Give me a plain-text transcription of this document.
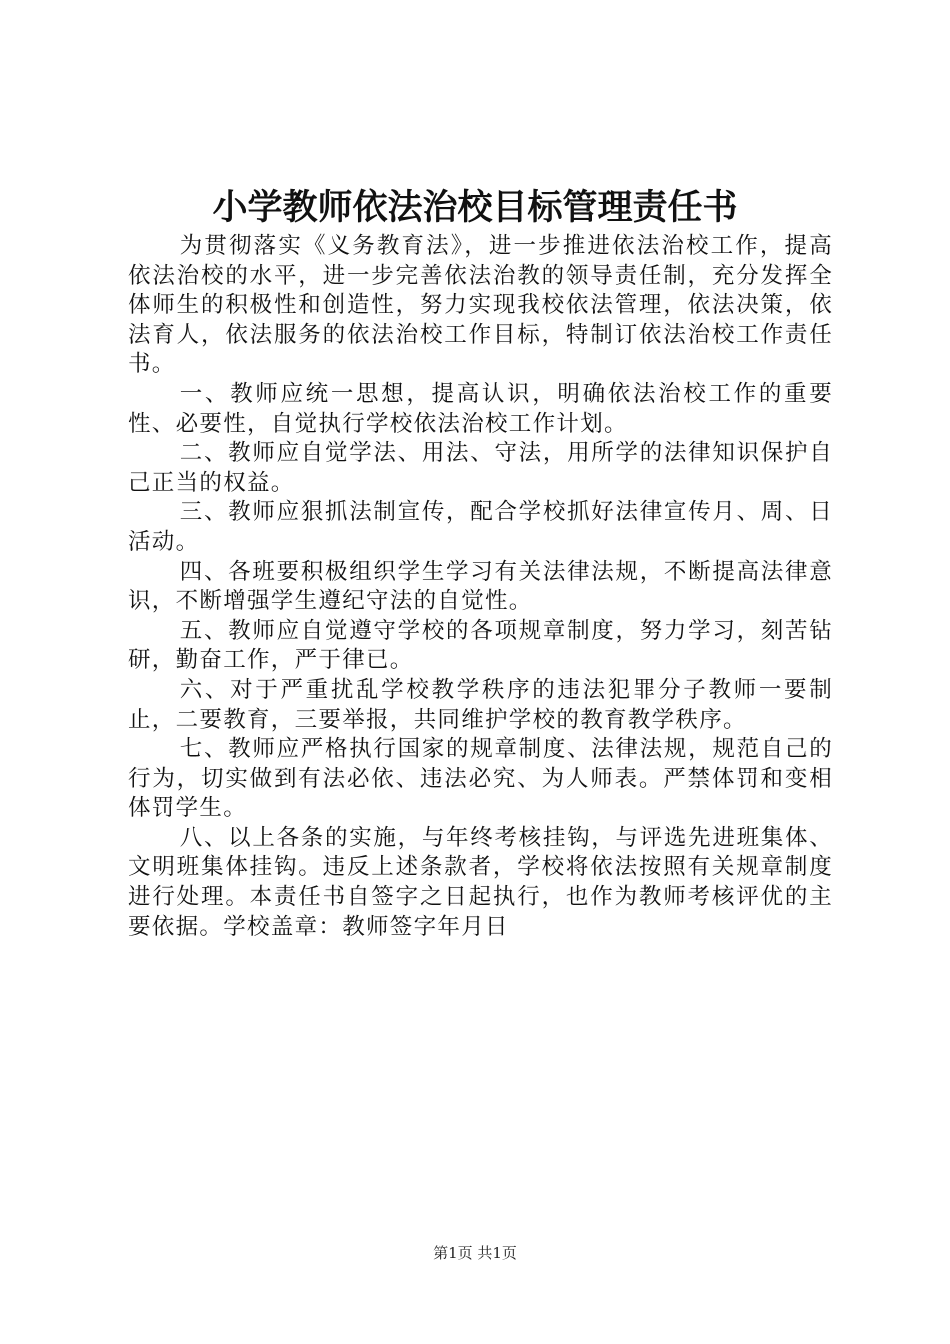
小学教师依法治校目标管理责任书

为贯彻落实《义务教育法》，进一步推进依法治校工作，提高依法治校的水平，进一步完善依法治教的领导责任制，充分发挥全体师生的积极性和创造性，努力实现我校依法管理，依法决策，依法育人，依法服务的依法治校工作目标，特制订依法治校工作责任书。

一、教师应统一思想，提高认识，明确依法治校工作的重要性、必要性，自觉执行学校依法治校工作计划。

二、教师应自觉学法、用法、守法，用所学的法律知识保护自己正当的权益。

三、教师应狠抓法制宣传，配合学校抓好法律宣传月、周、日活动。

四、各班要积极组织学生学习有关法律法规，不断提高法律意识，不断增强学生遵纪守法的自觉性。

五、教师应自觉遵守学校的各项规章制度，努力学习，刻苦钻研，勤奋工作，严于律已。

六、对于严重扰乱学校教学秩序的违法犯罪分子教师一要制止，二要教育，三要举报，共同维护学校的教育教学秩序。

七、教师应严格执行国家的规章制度、法律法规，规范自己的行为，切实做到有法必依、违法必究、为人师表。严禁体罚和变相体罚学生。

八、以上各条的实施，与年终考核挂钩，与评选先进班集体、文明班集体挂钩。违反上述条款者，学校将依法按照有关规章制度进行处理。本责任书自签字之日起执行，也作为教师考核评优的主要依据。学校盖章：教师签字年月日

第1页 共1页
